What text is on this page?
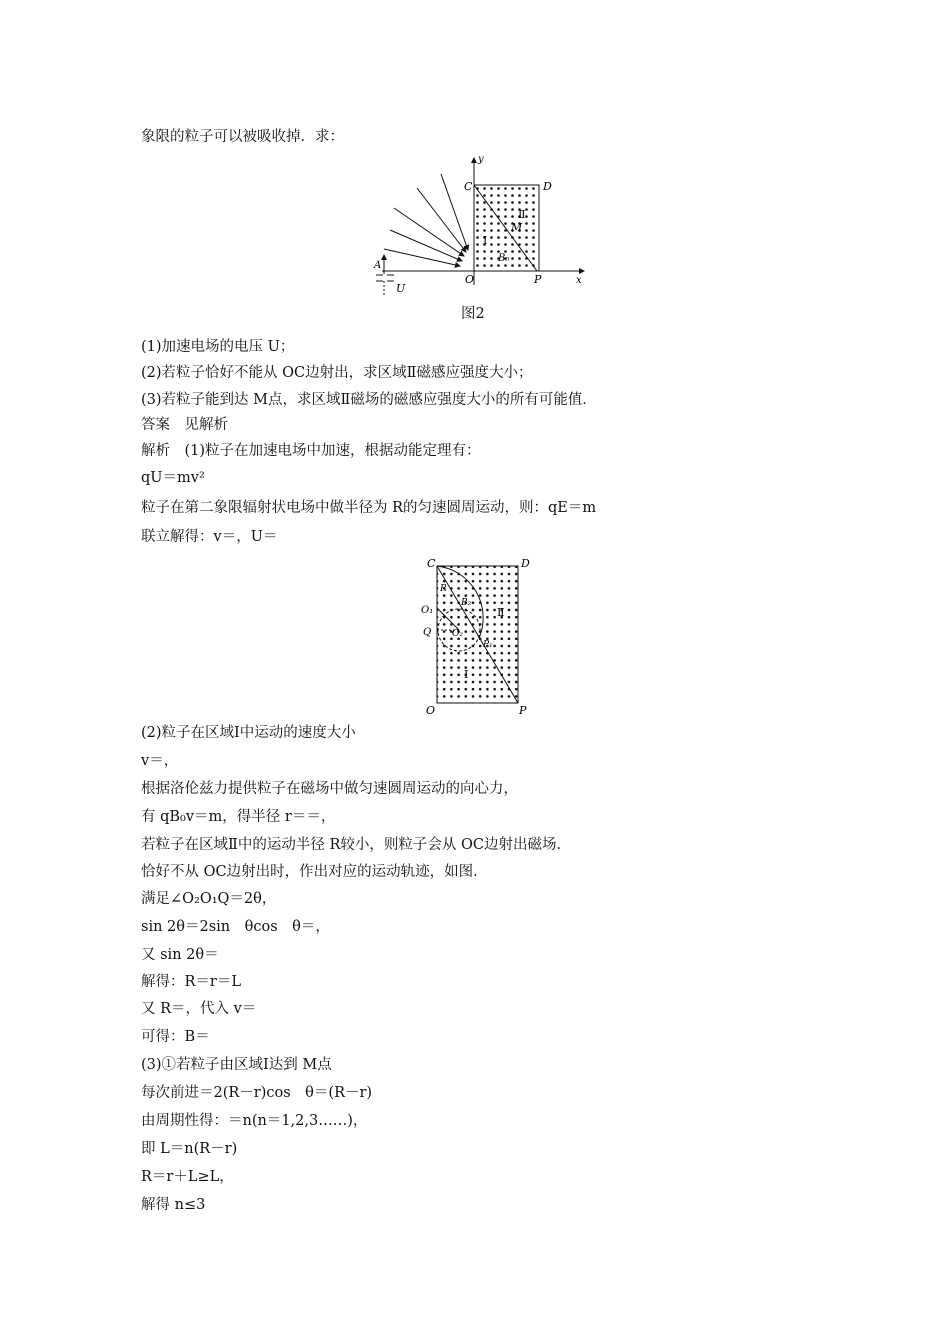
象限的粒子可以被吸收掉．求：
y
x
C	D
O	P
M
B₀
Ⅰ
Ⅱ
A
U
图2
(1)加速电场的电压 U；
(2)若粒子恰好不能从 OC边射出，求区域Ⅱ磁感应强度大小；
(3)若粒子能到达 M点，求区域Ⅱ磁场的磁感应强度大小的所有可能值．
答案　见解析
解析　(1)粒子在加速电场中加速，根据动能定理有：
qU＝mv²
粒子在第二象限辐射状电场中做半径为 R的匀速圆周运动，则：qE＝m
联立解得：v＝，U＝
C	D
O	P
O₁
Q O₂
P₁
R
B₂
Ⅰ
Ⅱ
(2)粒子在区域Ⅰ中运动的速度大小
v＝，
根据洛伦兹力提供粒子在磁场中做匀速圆周运动的向心力，
有 qB₀v＝m，得半径 r＝＝，
若粒子在区域Ⅱ中的运动半径 R较小，则粒子会从 OC边射出磁场．
恰好不从 OC边射出时，作出对应的运动轨迹，如图．
满足∠O₂O₁Q＝2θ，
sin 2θ＝2sin　θcos　θ＝，
又 sin 2θ＝
解得：R＝r＝L
又 R＝，代入 v＝
可得：B＝
(3)①若粒子由区域Ⅰ达到 M点
每次前进＝2(R－r)cos　θ＝(R－r)
由周期性得：＝n(n＝1,2,3……)，
即 L＝n(R－r)
R＝r＋L≥L，
解得 n≤3
